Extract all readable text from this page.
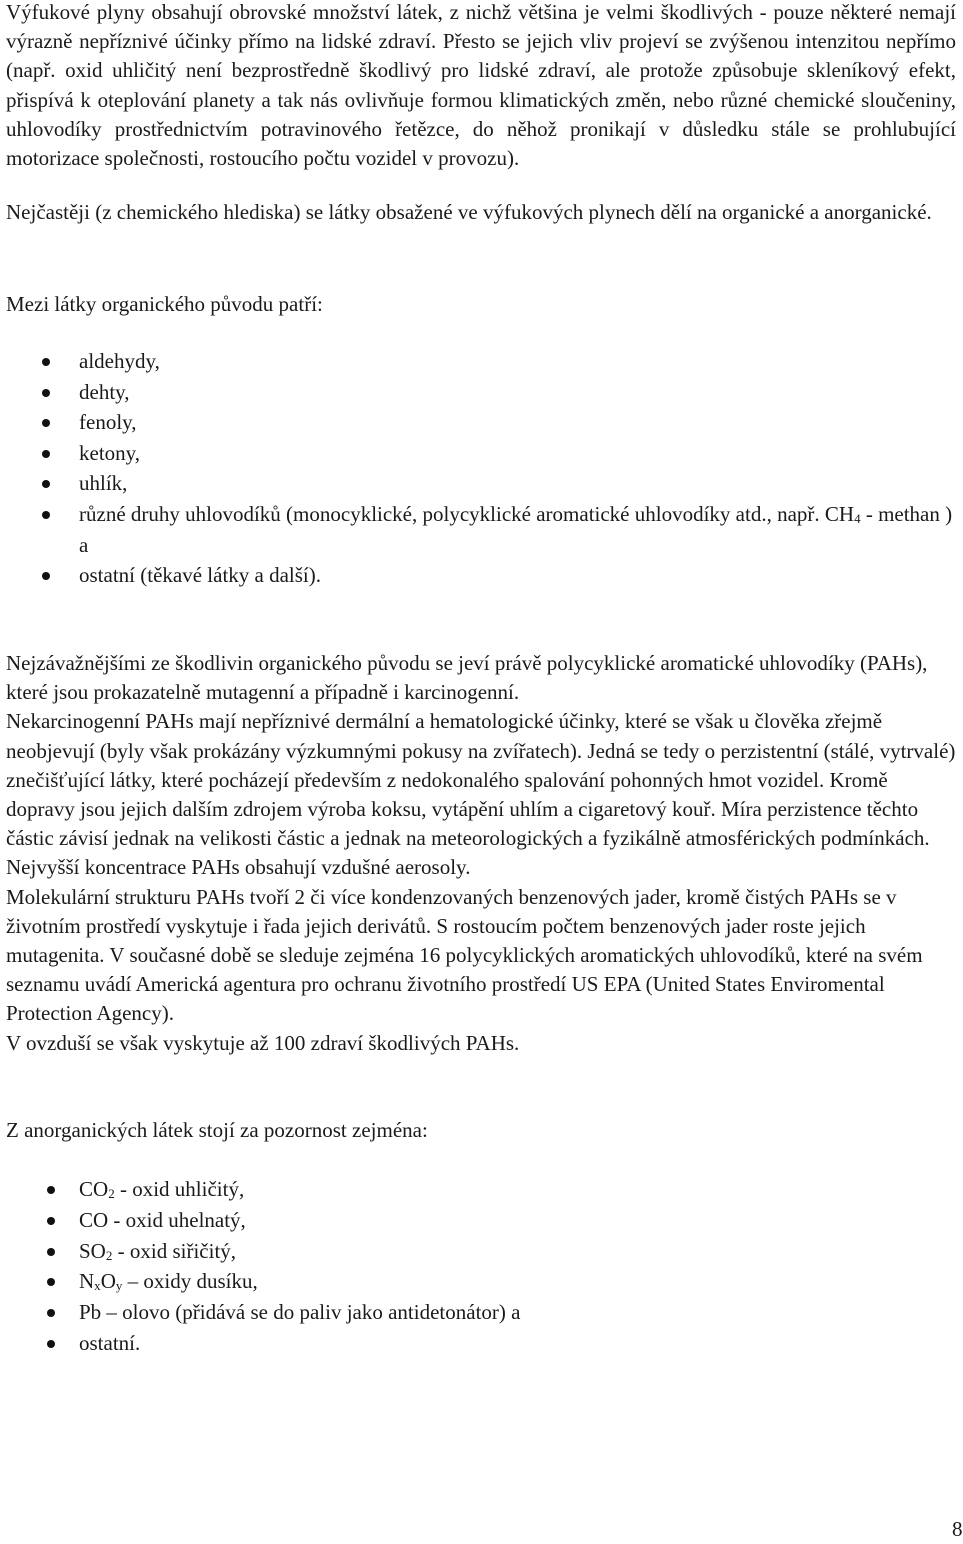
Výfukové plyny obsahují obrovské množství látek, z nichž většina je velmi škodlivých - pouze některé nemají výrazně nepříznivé účinky přímo na lidské zdraví. Přesto se jejich vliv projeví se zvýšenou intenzitou nepřímo (např. oxid uhličitý není bezprostředně škodlivý pro lidské zdraví, ale protože způsobuje skleníkový efekt, přispívá k oteplování planety a tak nás ovlivňuje formou klimatických změn, nebo různé chemické sloučeniny, uhlovodíky prostřednictvím potravinového řetězce, do něhož pronikají v důsledku stále se prohlubující motorizace společnosti, rostoucího počtu vozidel v provozu).

Nejčastěji (z chemického hlediska) se látky obsažené ve výfukových plynech dělí na organické a anorganické.

Mezi látky organického původu patří:

aldehydy,
dehty,
fenoly,
ketony,
uhlík,
různé druhy uhlovodíků (monocyklické, polycyklické aromatické uhlovodíky atd., např. $CH_4$ - methan ) a
ostatní (těkavé látky a další).

Nejzávažnějšími ze škodlivin organického původu se jeví právě polycyklické aromatické uhlovodíky (PAHs), které jsou prokazatelně mutagenní a případně i karcinogenní.

Nekarcinogenní PAHs mají nepříznivé dermální a hematologické účinky, které se však u člověka zřejmě neobjevují (byly však prokázány výzkumnými pokusy na zvířatech). Jedná se tedy o perzistentní (stálé, vytrvalé) znečišťující látky, které pocházejí především z nedokonalého spalování pohonných hmot vozidel. Kromě dopravy jsou jejich dalším zdrojem výroba koksu, vytápění uhlím a cigaretový kouř. Míra perzistence těchto částic závisí jednak na velikosti částic a jednak na meteorologických a fyzikálně atmosférických podmínkách. Nejvyšší koncentrace PAHs obsahují vzdušné aerosoly.

Molekulární strukturu PAHs tvoří 2 či více kondenzovaných benzenových jader, kromě čistých PAHs se v životním prostředí vyskytuje i řada jejich derivátů. S rostoucím počtem benzenových jader roste jejich mutagenita. V současné době se sleduje zejména 16 polycyklických aromatických uhlovodíků, které na svém seznamu uvádí Americká agentura pro ochranu životního prostředí US EPA (United States Enviromental Protection Agency).

V ovzduší se však vyskytuje až 100 zdraví škodlivých PAHs.

Z anorganických látek stojí za pozornost zejména:

$CO_2$ - oxid uhličitý,
CO - oxid uhelnatý,
$SO_2$ - oxid siřičitý,
$N_xO_y$ – oxidy dusíku,
Pb – olovo (přidává se do paliv jako antidetonátor) a
ostatní.
8
